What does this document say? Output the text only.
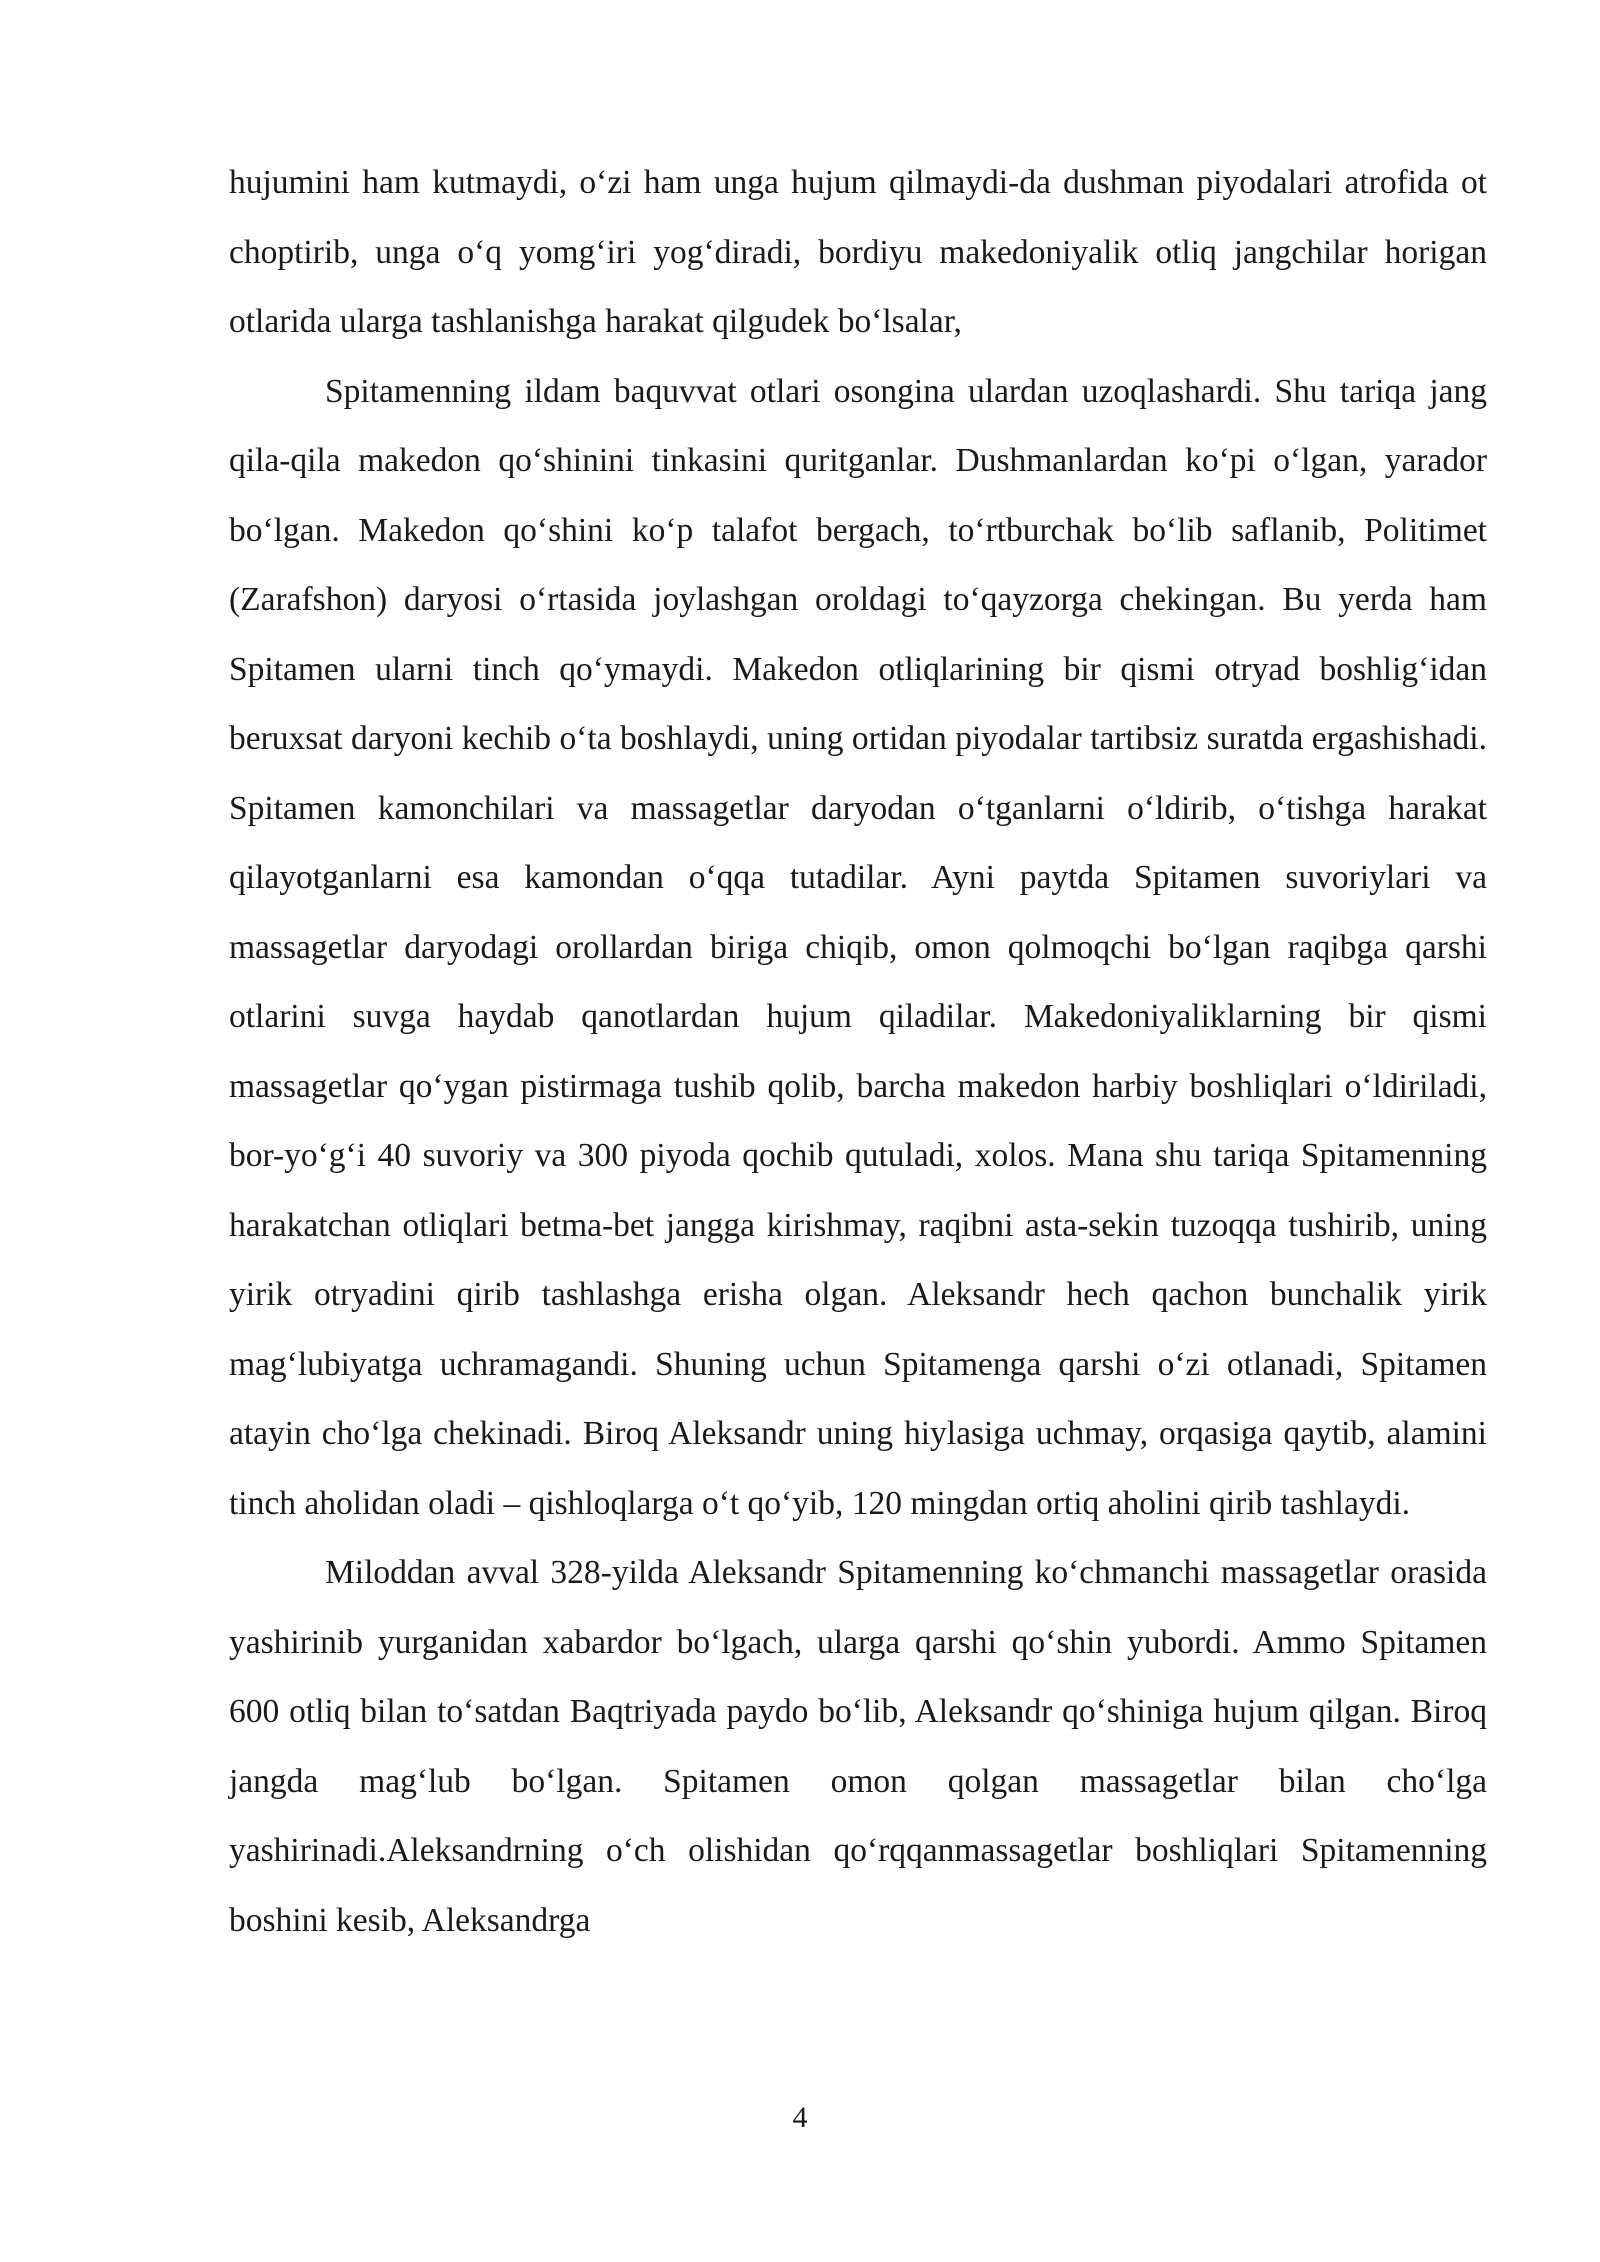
hujumini ham kutmaydi, o‘zi ham unga hujum qilmaydi-da dushman piyodalari atrofida ot choptirib, unga o‘q yomg‘iri yog‘diradi, bordiyu makedoniyalik otliq jangchilar horigan otlarida ularga tashlanishga harakat qilgudek bo‘lsalar,

Spitamenning ildam baquvvat otlari osongina ulardan uzoqlashardi. Shu tariqa jang qila-qila makedon qo‘shinini tinkasini quritganlar. Dushmanlardan ko‘pi o‘lgan, yarador bo‘lgan. Makedon qo‘shini ko‘p talafot bergach, to‘rtburchak bo‘lib saflanib, Politimet (Zarafshon) daryosi o‘rtasida joylashgan oroldagi to‘qayzorga chekingan. Bu yerda ham Spitamen ularni tinch qo‘ymaydi. Makedon otliqlarining bir qismi otryad boshlig‘idan beruxsat daryoni kechib o‘ta boshlaydi, uning ortidan piyodalar tartibsiz suratda ergashishadi. Spitamen kamonchilari va massagetlar daryodan o‘tganlarni o‘ldirib, o‘tishga harakat qilayotganlarni esa kamondan o‘qqa tutadilar. Ayni paytda Spitamen suvoriylari va massagetlar daryodagi orollardan biriga chiqib, omon qolmoqchi bo‘lgan raqibga qarshi otlarini suvga haydab qanotlardan hujum qiladilar. Makedoniyaliklarning bir qismi massagetlar qo‘ygan pistirmaga tushib qolib, barcha makedon harbiy boshliqlari o‘ldiriladi, bor-yo‘g‘i 40 suvoriy va 300 piyoda qochib qutuladi, xolos. Mana shu tariqa Spitamenning harakatchan otliqlari betma-bet jangga kirishmay, raqibni asta-sekin tuzoqqa tushirib, uning yirik otryadini qirib tashlashga erisha olgan. Aleksandr hech qachon bunchalik yirik mag‘lubiyatga uchramagandi. Shuning uchun Spitamenga qarshi o‘zi otlanadi, Spitamen atayin cho‘lga chekinadi. Biroq Aleksandr uning hiylasiga uchmay, orqasiga qaytib, alamini tinch aholidan oladi – qishloqlarga o‘t qo‘yib, 120 mingdan ortiq aholini qirib tashlaydi.

Miloddan avval 328-yilda Aleksandr Spitamenning ko‘chmanchi massagetlar orasida yashirinib yurganidan xabardor bo‘lgach, ularga qarshi qo‘shin yubordi. Ammo Spitamen 600 otliq bilan to‘satdan Baqtriyada paydo bo‘lib, Aleksandr qo‘shiniga hujum qilgan. Biroq jangda mag‘lub bo‘lgan. Spitamen omon qolgan massagetlar bilan cho‘lga yashirinadi.Aleksandrning o‘ch olishidan qo‘rqqanmassagetlar boshliqlari Spitamenning boshini kesib, Aleksandrga

4
